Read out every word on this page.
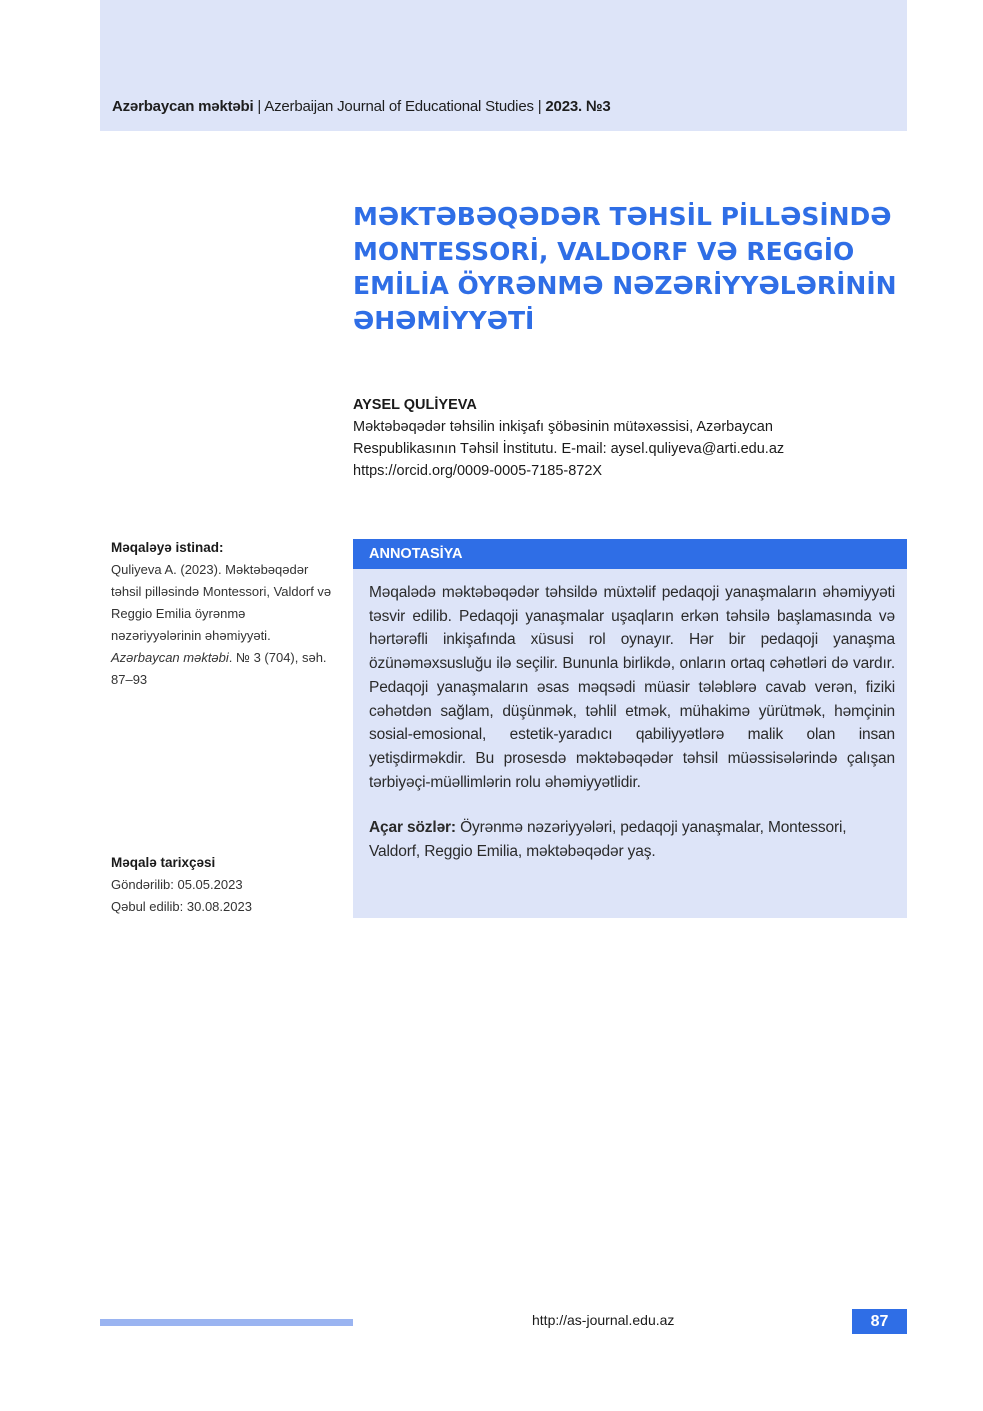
Azərbaycan məktəbi | Azerbaijan Journal of Educational Studies | 2023. №3
MƏKTƏBƏQƏDƏR TƏHSİL PİLLƏSİNDƏ
MONTESSORİ, VALDORF VƏ REGGİO
EMİLİA ÖYRƏNMƏ NƏZƏRİYYƏLƏRİNİN
ƏHƏMİYYƏTİ

AYSEL QULİYEVA

Məktəbəqədər təhsilin inkişafı şöbəsinin mütəxəssisi, Azərbaycan
Respublikasının Təhsil İnstitutu. E-mail: aysel.quliyeva@arti.edu.az
https://orcid.org/0009-0005-7185-872X

Məqaləyə istinad:

Quliyeva A. (2023). Məktəbəqədər təhsil pilləsində Montessori, Valdorf və Reggio Emilia öyrənmə nəzəriyyələrinin əhəmiyyəti. Azərbaycan məktəbi. № 3 (704), səh. 87–93

Məqalə tarixçəsi

Göndərilib: 05.05.2023

Qəbul edilib: 30.08.2023

ANNOTASİYA

Məqalədə məktəbəqədər təhsildə müxtəlif pedaqoji yanaşmaların əhəmiyyəti təsvir edilib. Pedaqoji yanaşmalar uşaqların erkən təhsilə başlamasında və hərtərəfli inkişafında xüsusi rol oynayır. Hər bir pedaqoji yanaşma özünəməxsusluğu ilə seçilir. Bununla birlikdə, onların ortaq cəhətləri də vardır. Pedaqoji yanaşmaların əsas məqsədi müasir tələblərə cavab verən, fiziki cəhətdən sağlam, düşünmək, təhlil etmək, mühakimə yürütmək, həmçinin sosial-emosional, estetik-yaradıcı qabiliyyətlərə malik olan insan yetişdirməkdir. Bu prosesdə məktəbəqədər təhsil müəssisələrində çalışan tərbiyəçi-müəllimlərin rolu əhəmiyyətlidir.

Açar sözlər: Öyrənmə nəzəriyyələri, pedaqoji yanaşmalar, Montessori, Valdorf, Reggio Emilia, məktəbəqədər yaş.

http://as-journal.edu.az	87
